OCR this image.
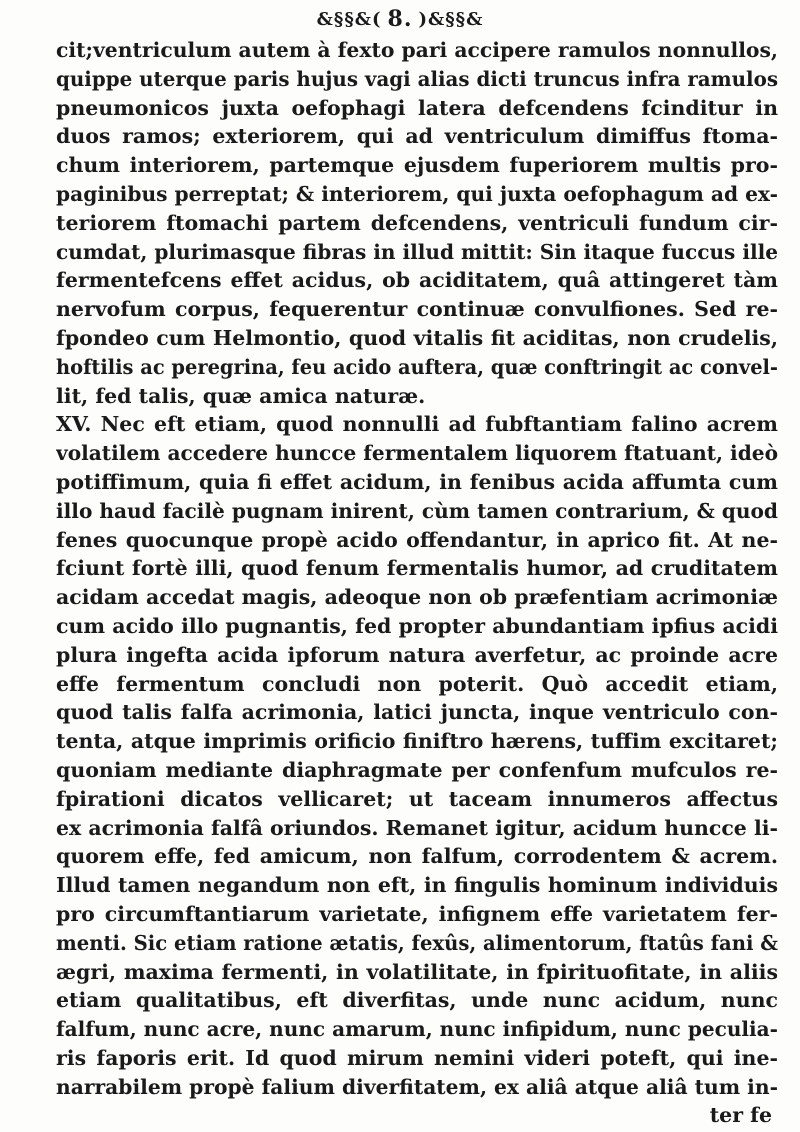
&§§&( 8. )&§§&
cit;ventriculum autem à fexto pari accipere ramulos nonnullos,
quippe uterque paris hujus vagi alias dicti truncus infra ramulos
pneumonicos juxta oefophagi latera defcendens fcinditur in
duos ramos; exteriorem, qui ad ventriculum dimiffus ftoma-
chum interiorem, partemque ejusdem fuperiorem multis pro-
paginibus perreptat; & interiorem, qui juxta oefophagum ad ex-
teriorem ftomachi partem defcendens, ventriculi fundum cir-
cumdat, plurimasque fibras in illud mittit: Sin itaque fuccus ille
fermentefcens effet acidus, ob aciditatem, quâ attingeret tàm
nervofum corpus, fequerentur continuæ convulfiones. Sed re-
fpondeo cum Helmontio, quod vitalis fit aciditas, non crudelis,
hoftilis ac peregrina, feu acido auftera, quæ conftringit ac convel-
lit, fed talis, quæ amica naturæ.
XV. Nec eft etiam, quod nonnulli ad fubftantiam falino acrem
volatilem accedere huncce fermentalem liquorem ftatuant, ideò
potiffimum, quia fi effet acidum, in fenibus acida affumta cum
illo haud facilè pugnam inirent, cùm tamen contrarium, & quod
fenes quocunque propè acido offendantur, in aprico fit. At ne-
fciunt fortè illi, quod fenum fermentalis humor, ad cruditatem
acidam accedat magis, adeoque non ob præfentiam acrimoniæ
cum acido illo pugnantis, fed propter abundantiam ipfius acidi
plura ingefta acida ipforum natura averfetur, ac proinde acre
effe fermentum concludi non poterit. Quò accedit etiam,
quod talis falfa acrimonia, latici juncta, inque ventriculo con-
tenta, atque imprimis orificio finiftro hærens, tuffim excitaret;
quoniam mediante diaphragmate per confenfum mufculos re-
fpirationi dicatos vellicaret; ut taceam innumeros affectus
ex acrimonia falfâ oriundos. Remanet igitur, acidum huncce li-
quorem effe, fed amicum, non falfum, corrodentem & acrem.
Illud tamen negandum non eft, in fingulis hominum individuis
pro circumftantiarum varietate, infignem effe varietatem fer-
menti. Sic etiam ratione ætatis, fexûs, alimentorum, ftatûs fani &
ægri, maxima fermenti, in volatilitate, in fpirituofitate, in aliis
etiam qualitatibus, eft diverfitas, unde nunc acidum, nunc
falfum, nunc acre, nunc amarum, nunc infipidum, nunc peculia-
ris faporis erit. Id quod mirum nemini videri poteft, qui ine-
narrabilem propè falium diverfitatem, ex aliâ atque aliâ tum in-
ter fe
